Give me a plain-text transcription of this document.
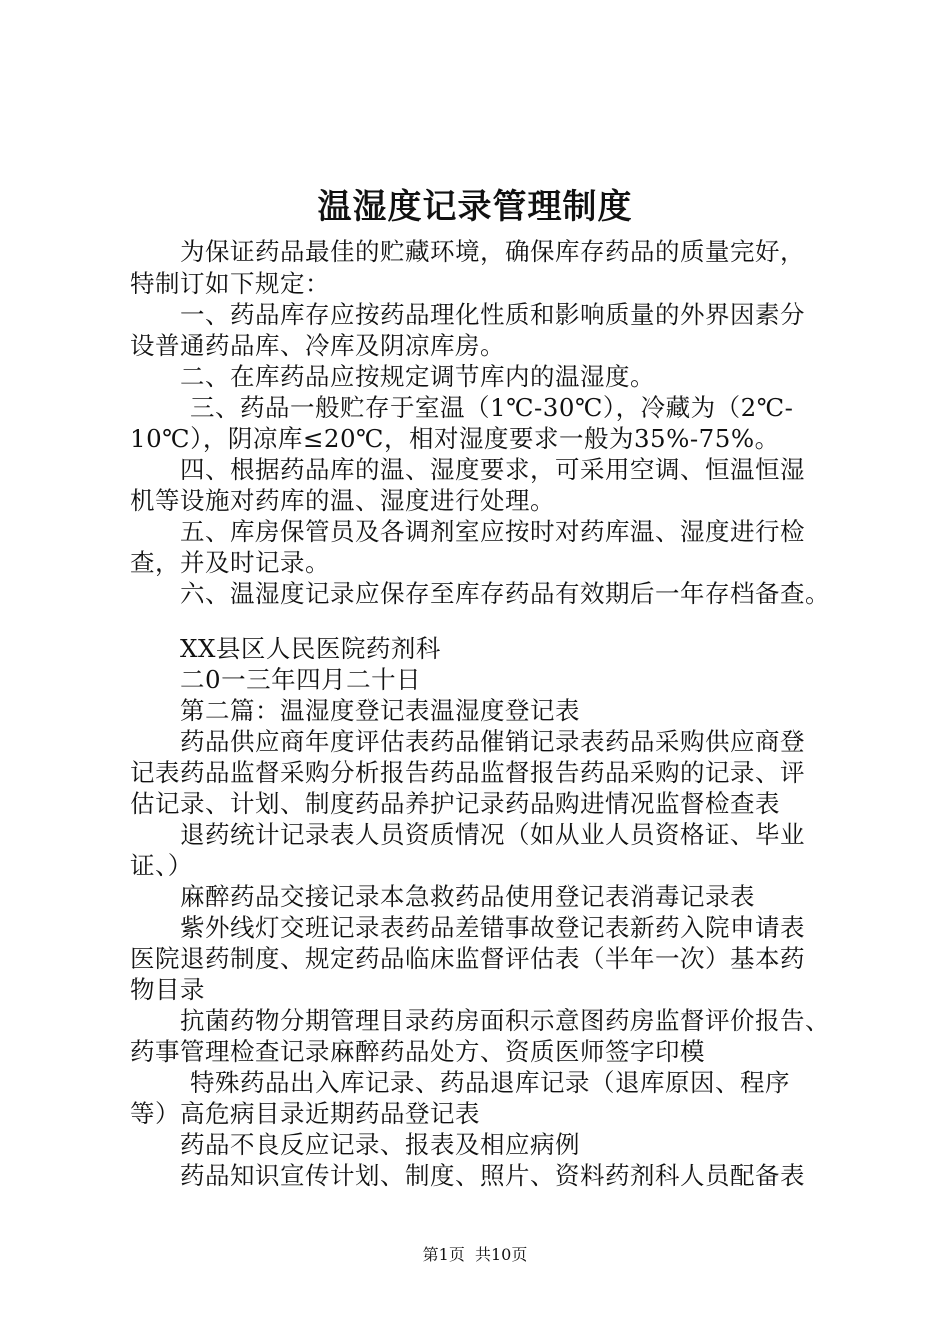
温湿度记录管理制度
为保证药品最佳的贮藏环境，确保库存药品的质量完好，
特制订如下规定：
一、药品库存应按药品理化性质和影响质量的外界因素分
设普通药品库、冷库及阴凉库房。
二、在库药品应按规定调节库内的温湿度。
三、药品一般贮存于室温（1℃-30℃），冷藏为（2℃-
10℃），阴凉库≤20℃，相对湿度要求一般为35%-75%。
四、根据药品库的温、湿度要求，可采用空调、恒温恒湿
机等设施对药库的温、湿度进行处理。
五、库房保管员及各调剂室应按时对药库温、湿度进行检
查，并及时记录。
六、温湿度记录应保存至库存药品有效期后一年存档备查。
XX县区人民医院药剂科
二0一三年四月二十日
第二篇：温湿度登记表温湿度登记表
药品供应商年度评估表药品催销记录表药品采购供应商登
记表药品监督采购分析报告药品监督报告药品采购的记录、评
估记录、计划、制度药品养护记录药品购进情况监督检查表
退药统计记录表人员资质情况（如从业人员资格证、毕业
证、）
麻醉药品交接记录本急救药品使用登记表消毒记录表
紫外线灯交班记录表药品差错事故登记表新药入院申请表
医院退药制度、规定药品临床监督评估表（半年一次）基本药
物目录
抗菌药物分期管理目录药房面积示意图药房监督评价报告、
药事管理检查记录麻醉药品处方、资质医师签字印模
特殊药品出入库记录、药品退库记录（退库原因、程序
等）高危病目录近期药品登记表
药品不良反应记录、报表及相应病例
药品知识宣传计划、制度、照片、资料药剂科人员配备表
第1页  共10页
